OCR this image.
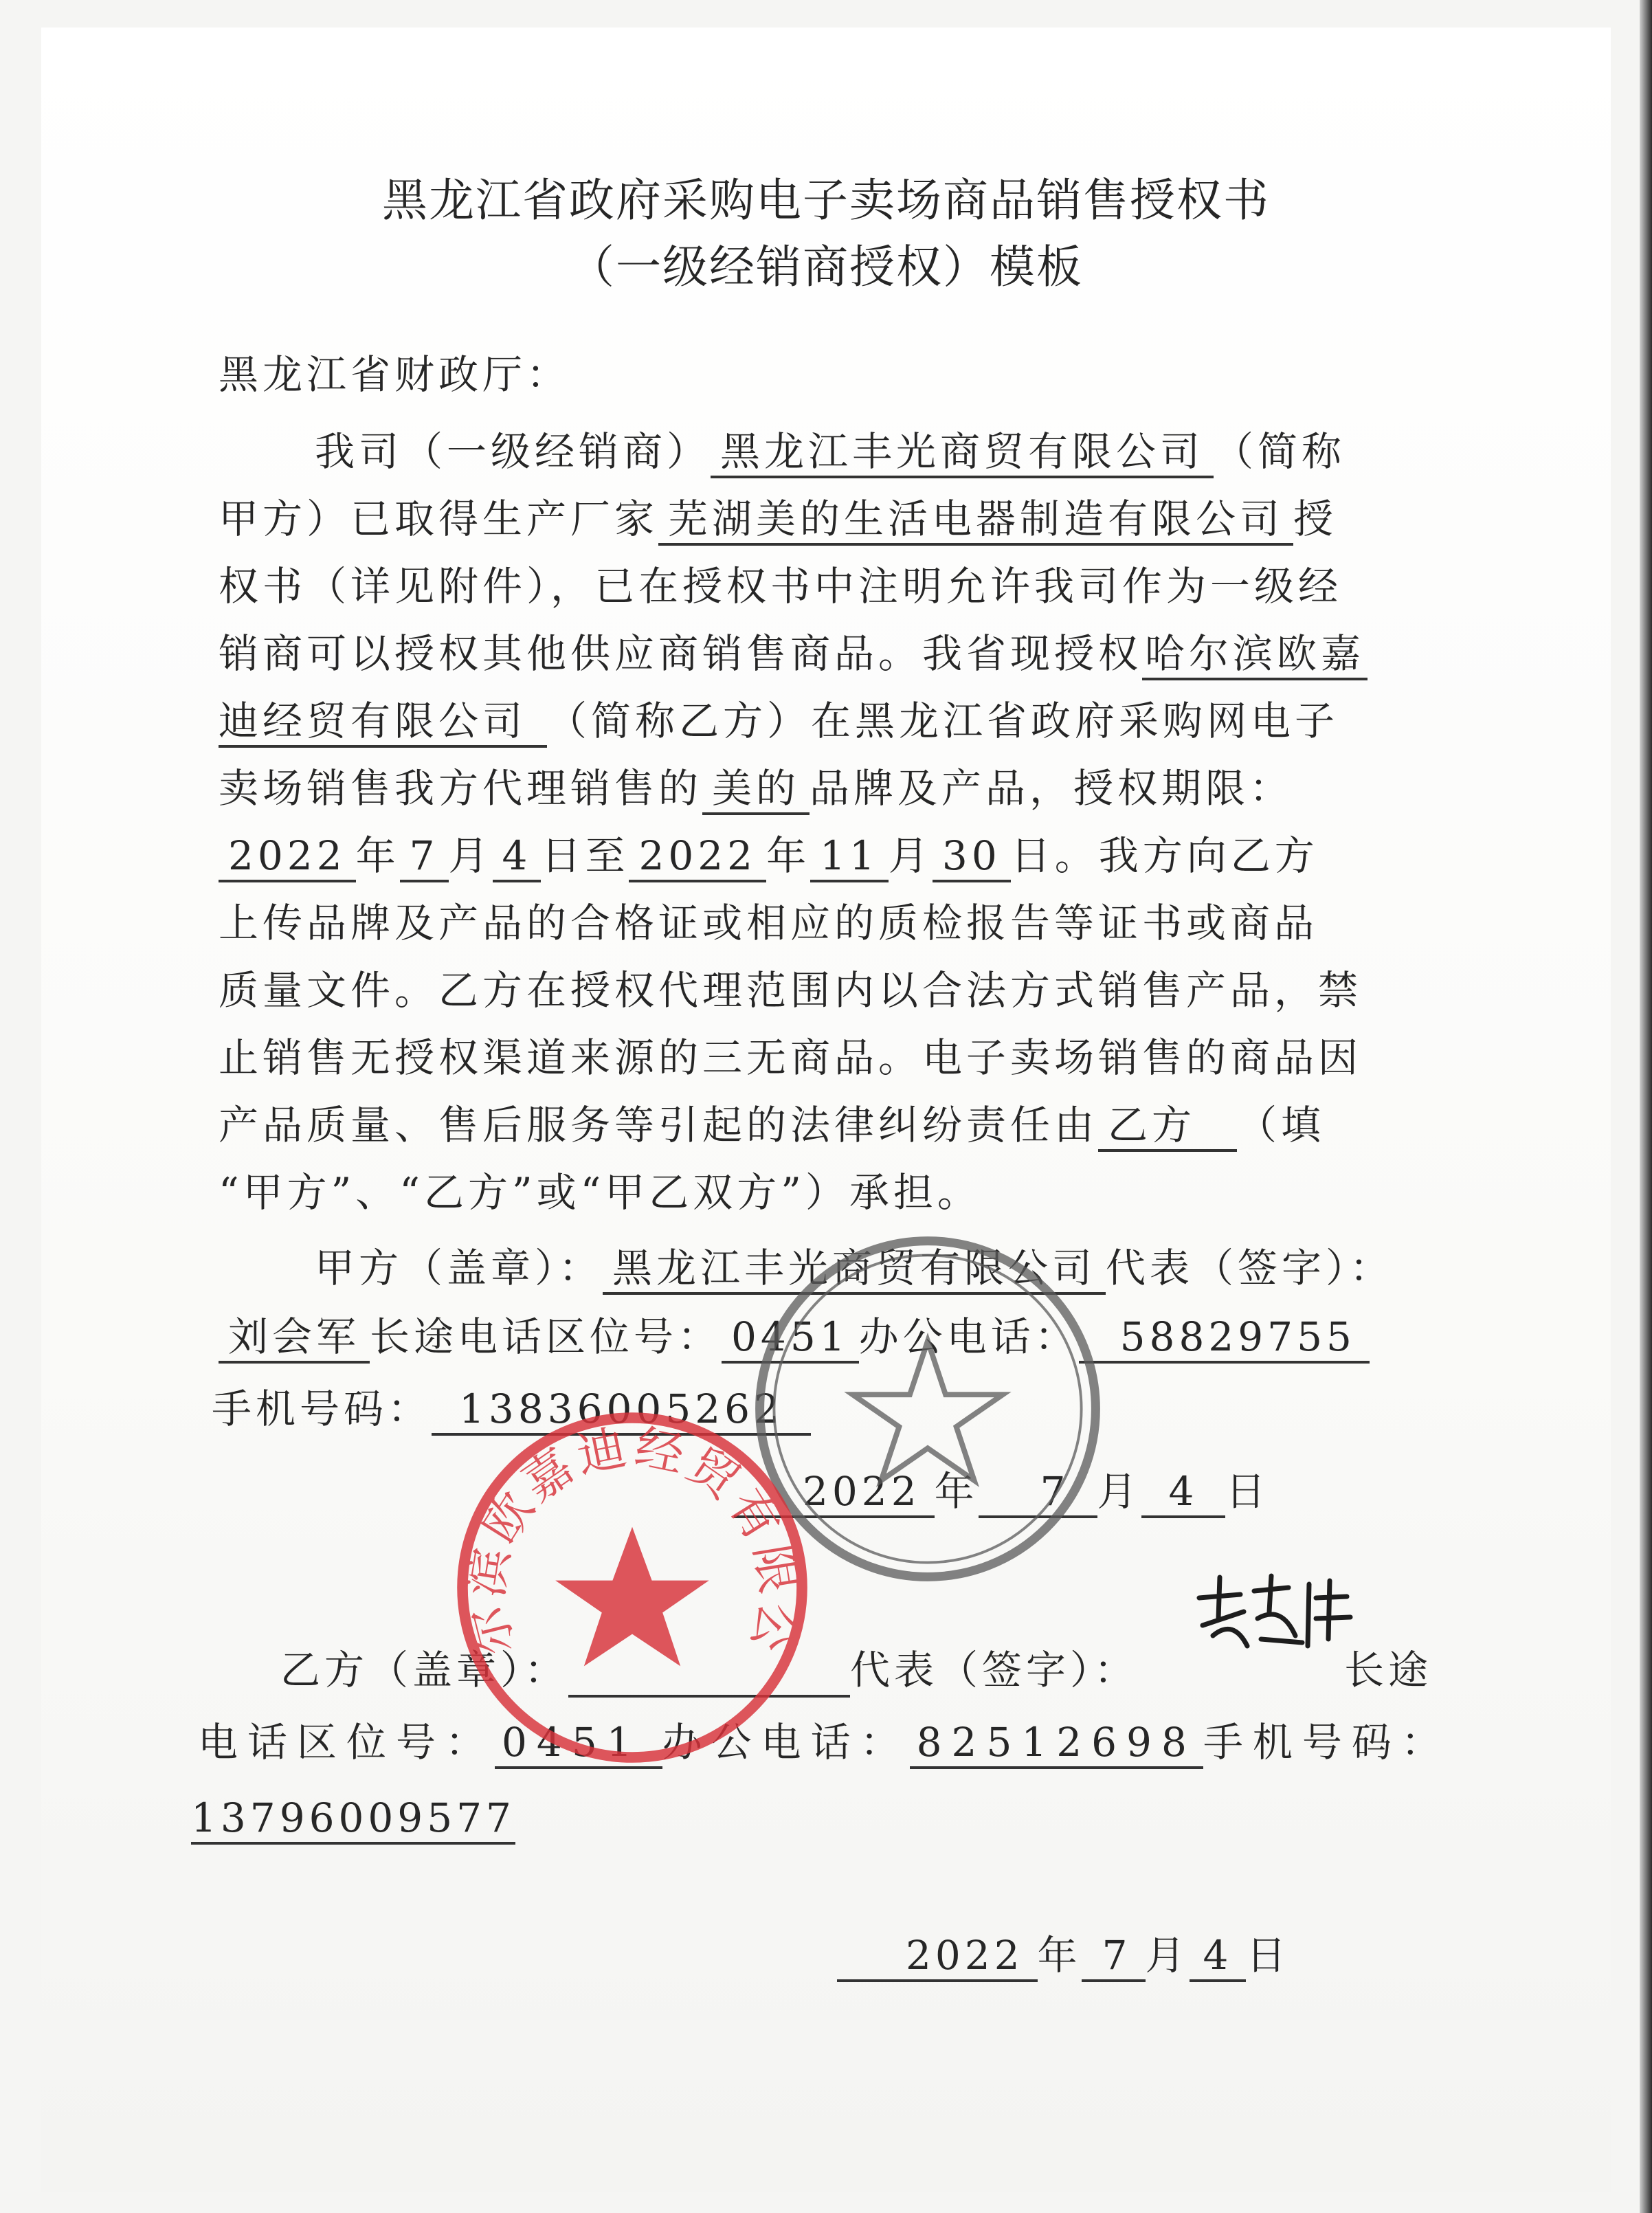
黑龙江省政府采购电子卖场商品销售授权书
（一级经销商授权）模板
黑龙江省财政厅：
我司（一级经销商） 黑龙江丰光商贸有限公司 （简称
甲方）已取得生产厂家 芜湖美的生活电器制造有限公司 授
权书（详见附件），已在授权书中注明允许我司作为一级经
销商可以授权其他供应商销售商品。我省现授权哈尔滨欧嘉
迪经贸有限公司 （简称乙方）在黑龙江省政府采购网电子
卖场销售我方代理销售的 美的 品牌及产品，授权期限：
2022 年 7 月 4 日至 2022 年 11 月 30 日。我方向乙方
上传品牌及产品的合格证或相应的质检报告等证书或商品
质量文件。乙方在授权代理范围内以合法方式销售产品，禁
止销售无授权渠道来源的三无商品。电子卖场销售的商品因
产品质量、售后服务等引起的法律纠纷责任由 乙方 （填
“甲方”、“乙方”或“甲乙双方”）承担。
甲方（盖章）： 黑龙江丰光商贸有限公司 代表（签字）：
刘会军 长途电话区位号： 0451 办公电话： 58829755
手机号码： 13836005262
2022 年 7 月 4 日
乙方（盖章）：	代表（签字）：	长途
电话区位号： 0451 办公电话： 82512698 手机号码：
13796009577
2022 年 7 月 4 日
尔滨欧嘉迪经贸有限公
